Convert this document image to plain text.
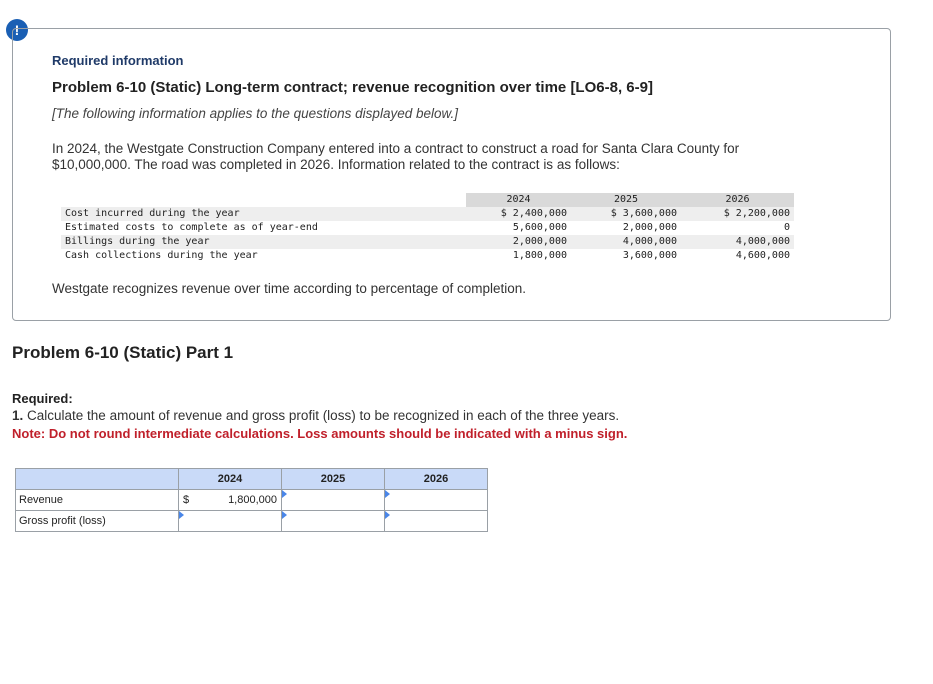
!
Required information
Problem 6-10 (Static) Long-term contract; revenue recognition over time [LO6-8, 6-9]
[The following information applies to the questions displayed below.]
In 2024, the Westgate Construction Company entered into a contract to construct a road for Santa Clara County for
$10,000,000. The road was completed in 2026. Information related to the contract is as follows:
	2024	2025	2026
Cost incurred during the year	$ 2,400,000	$ 3,600,000	$ 2,200,000
Estimated costs to complete as of year-end	5,600,000	2,000,000	0
Billings during the year	2,000,000	4,000,000	4,000,000
Cash collections during the year	1,800,000	3,600,000	4,600,000
Westgate recognizes revenue over time according to percentage of completion.
Problem 6-10 (Static) Part 1
Required:
1. Calculate the amount of revenue and gross profit (loss) to be recognized in each of the three years.
Note: Do not round intermediate calculations. Loss amounts should be indicated with a minus sign.
	2024	2025	2026
Revenue	$ 1,800,000		

Gross profit (loss)	
